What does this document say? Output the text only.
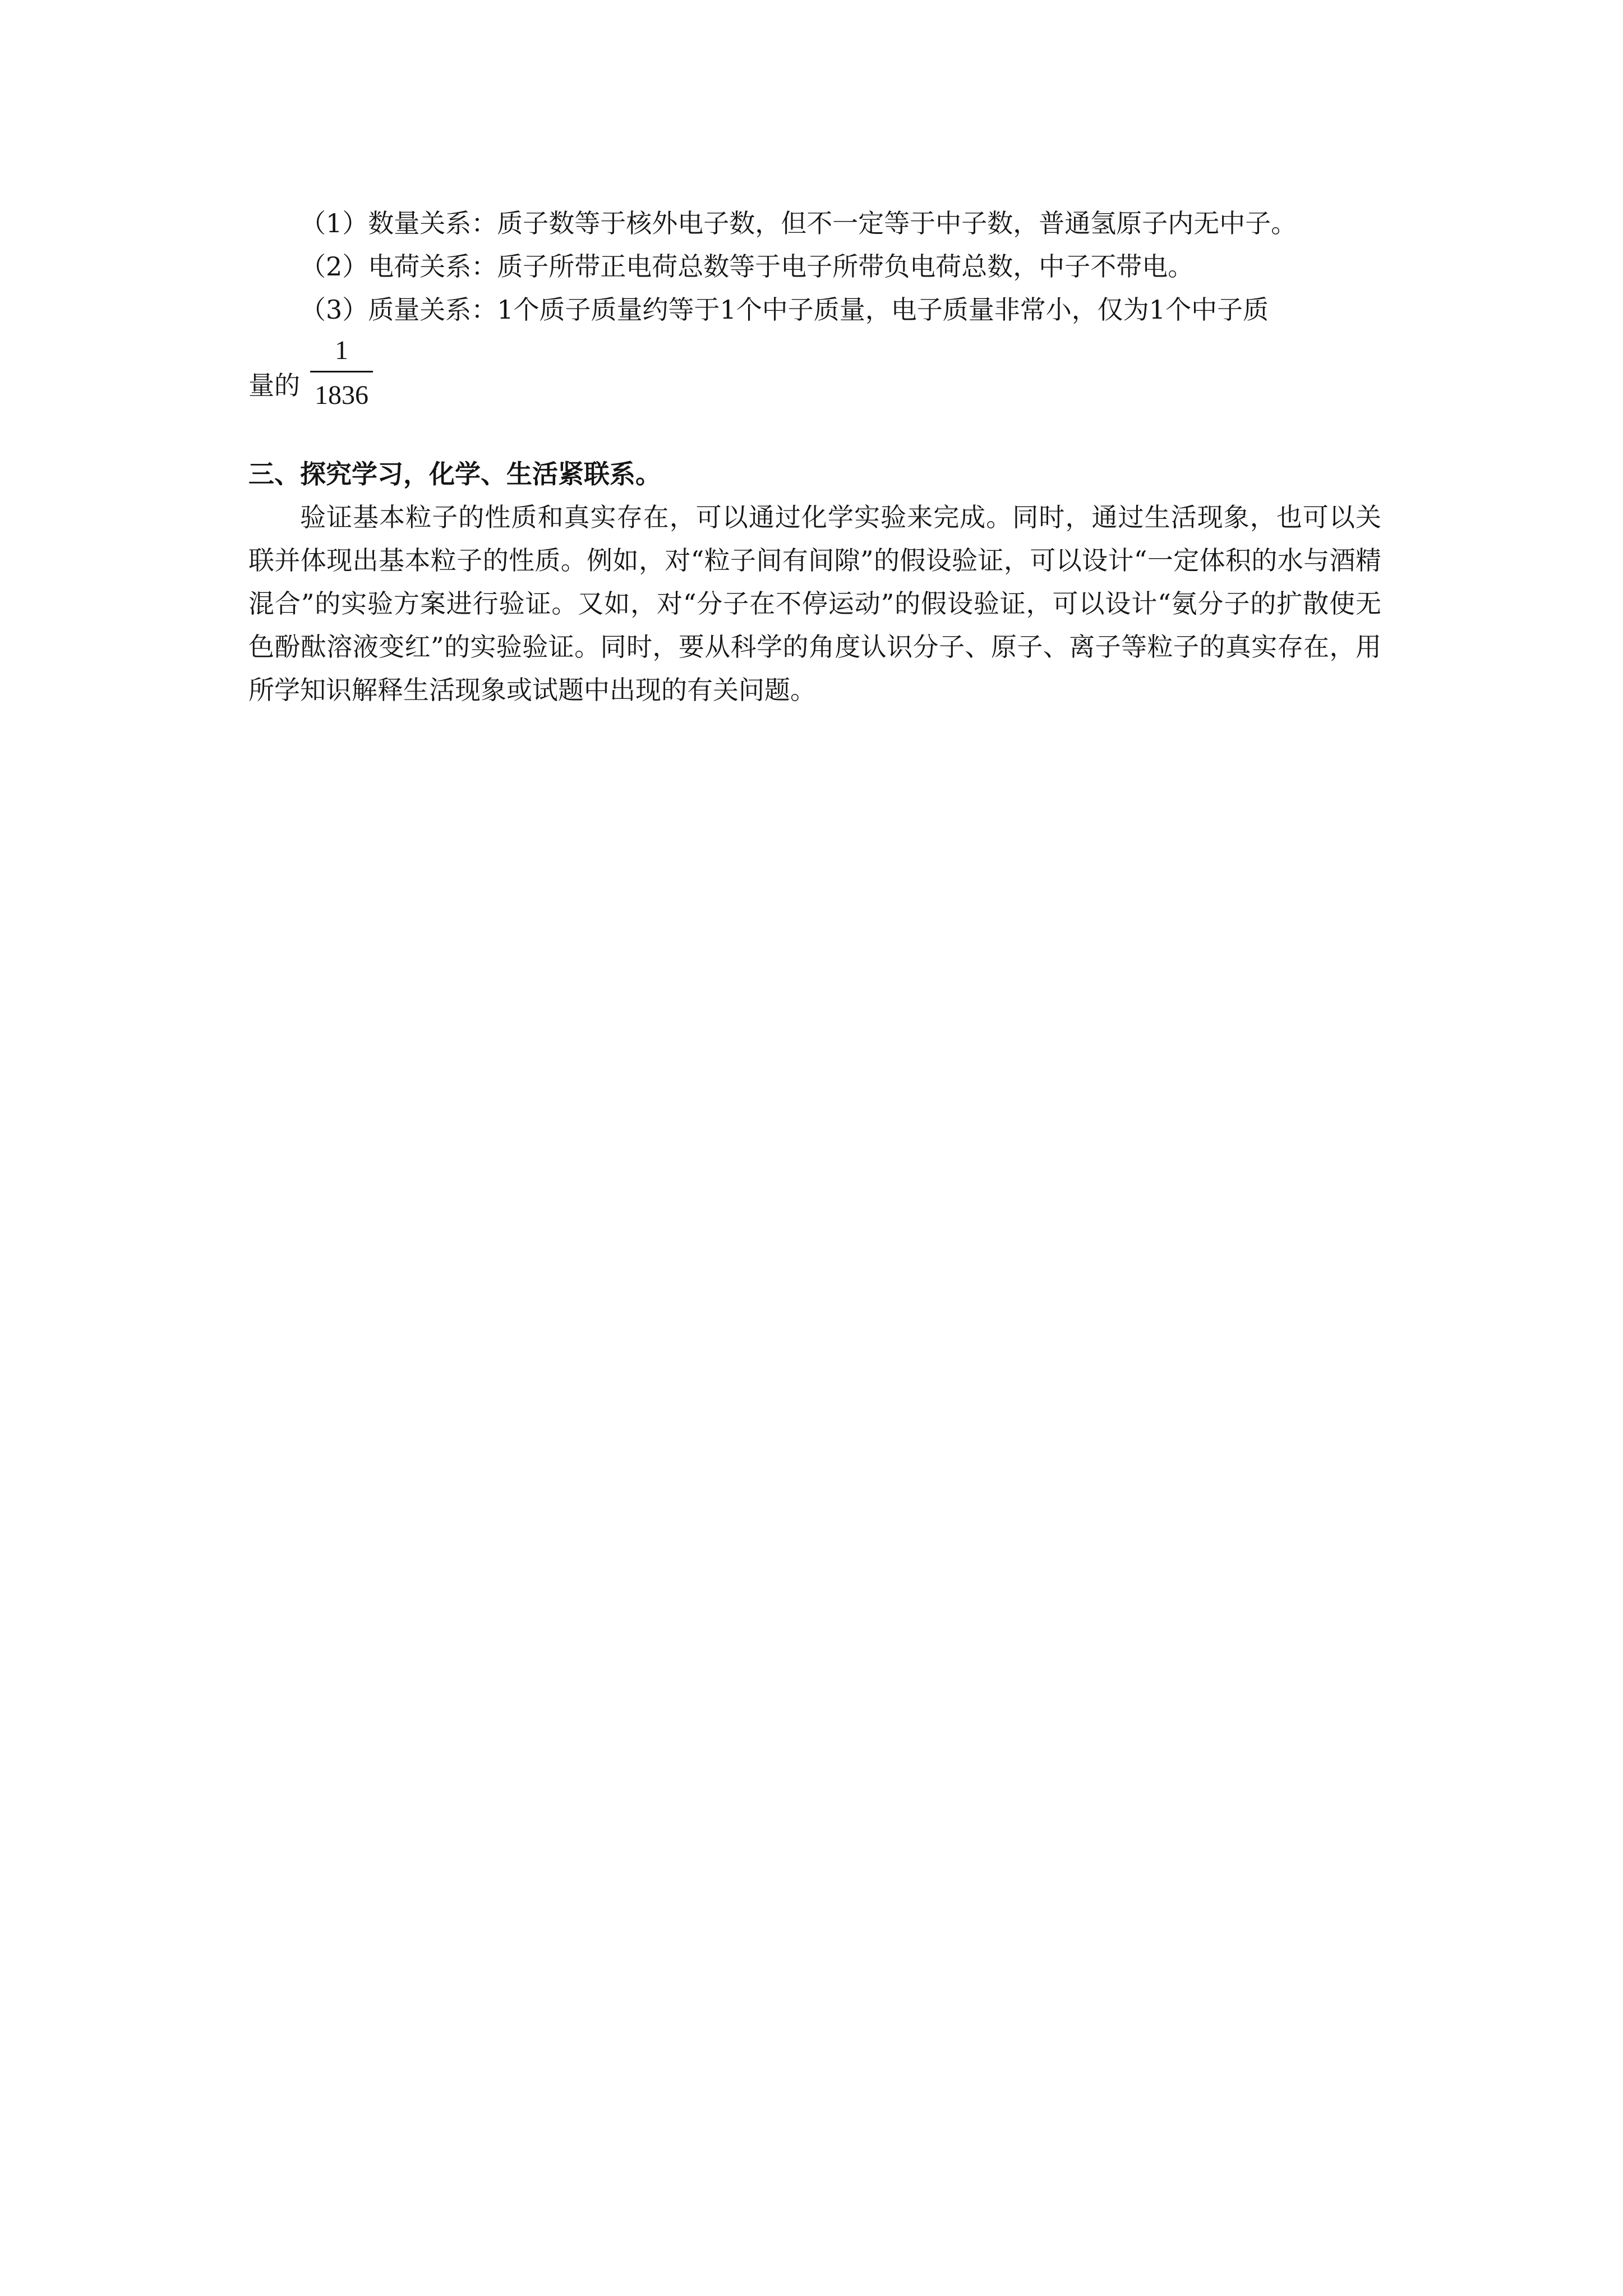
（1）数量关系：质子数等于核外电子数，但不一定等于中子数，普通氢原子内无中子。

（2）电荷关系：质子所带正电荷总数等于电子所带负电荷总数，中子不带电。

（3）质量关系：1个质子质量约等于1个中子质量，电子质量非常小，仅为1个中子质

量的
1
1836
三、探究学习，化学、生活紧联系。

验证基本粒子的性质和真实存在，可以通过化学实验来完成。同时，通过生活现象，也可以关联并体现出基本粒子的性质。例如，对“粒子间有间隙”的假设验证，可以设计“一定体积的水与酒精混合”的实验方案进行验证。又如，对“分子在不停运动”的假设验证，可以设计“氨分子的扩散使无色酚酞溶液变红”的实验验证。同时，要从科学的角度认识分子、原子、离子等粒子的真实存在，用所学知识解释生活现象或试题中出现的有关问题。
